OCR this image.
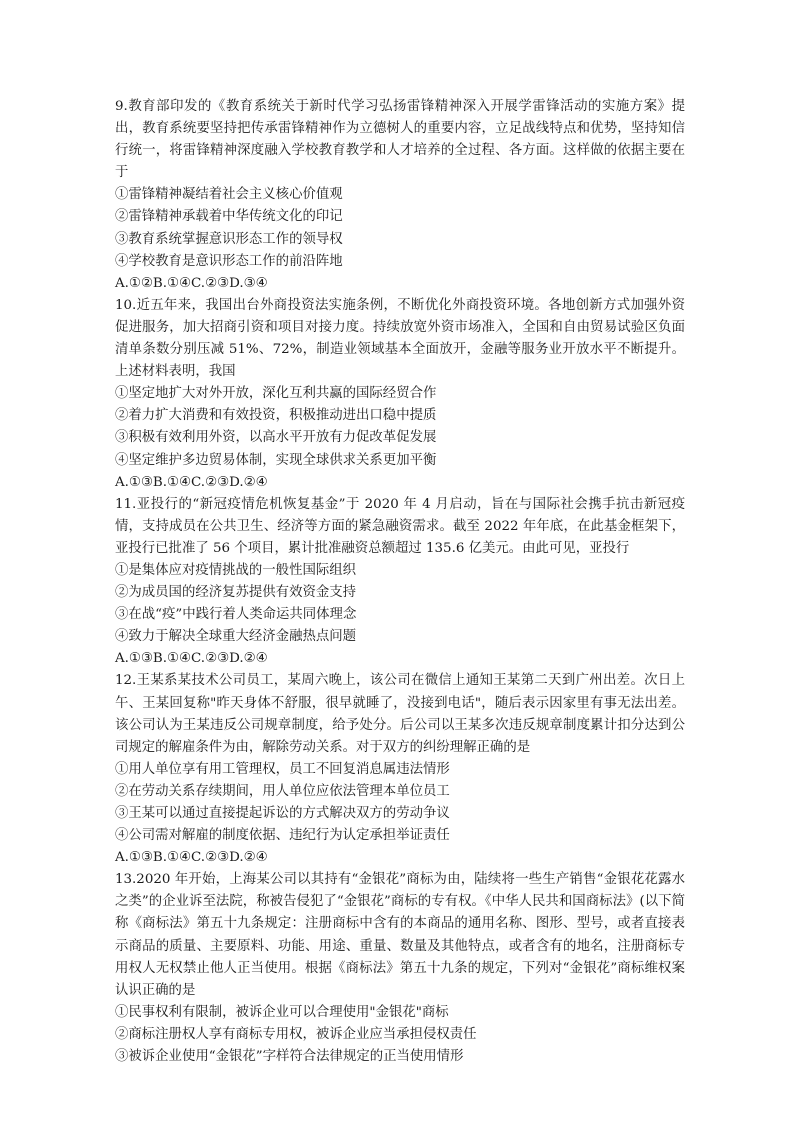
9.教育部印发的《教育系统关于新时代学习弘扬雷锋精神深入开展学雷锋活动的实施方案》提出，教育系统要坚持把传承雷锋精神作为立德树人的重要内容，立足战线特点和优势，坚持知信行统一，将雷锋精神深度融入学校教育教学和人才培养的全过程、各方面。这样做的依据主要在于
①雷锋精神凝结着社会主义核心价值观
②雷锋精神承载着中华传统文化的印记
③教育系统掌握意识形态工作的领导权
④学校教育是意识形态工作的前沿阵地
A.①②B.①④C.②③D.③④
10.近五年来，我国出台外商投资法实施条例，不断优化外商投资环境。各地创新方式加强外资促进服务，加大招商引资和项目对接力度。持续放宽外资市场准入，全国和自由贸易试验区负面清单条数分别压减 51%、72%，制造业领域基本全面放开，金融等服务业开放水平不断提升。上述材料表明，我国
①坚定地扩大对外开放，深化互利共赢的国际经贸合作
②着力扩大消费和有效投资，积极推动进出口稳中提质
③积极有效利用外资，以高水平开放有力促改革促发展
④坚定维护多边贸易体制，实现全球供求关系更加平衡
A.①③B.①④C.②③D.②④
11.亚投行的“新冠疫情危机恢复基金”于 2020 年 4 月启动，旨在与国际社会携手抗击新冠疫情，支持成员在公共卫生、经济等方面的紧急融资需求。截至 2022 年年底，在此基金框架下，亚投行已批准了 56 个项目，累计批准融资总额超过 135.6 亿美元。由此可见，亚投行
①是集体应对疫情挑战的一般性国际组织
②为成员国的经济复苏提供有效资金支持
③在战“疫”中践行着人类命运共同体理念
④致力于解决全球重大经济金融热点问题
A.①③B.①④C.②③D.②④
12.王某系某技术公司员工，某周六晚上，该公司在微信上通知王某第二天到广州出差。次日上午、王某回复称"昨天身体不舒服，很早就睡了，没接到电话"，随后表示因家里有事无法出差。该公司认为王某违反公司规章制度，给予处分。后公司以王某多次违反规章制度累计扣分达到公司规定的解雇条件为由，解除劳动关系。对于双方的纠纷理解正确的是
①用人单位享有用工管理权，员工不回复消息属违法情形
②在劳动关系存续期间，用人单位应依法管理本单位员工
③王某可以通过直接提起诉讼的方式解决双方的劳动争议
④公司需对解雇的制度依据、违纪行为认定承担举证责任
A.①③B.①④C.②③D.②④
13.2020 年开始，上海某公司以其持有“金银花”商标为由，陆续将一些生产销售“金银花花露水之类”的企业诉至法院，称被告侵犯了“金银花”商标的专有权。《中华人民共和国商标法》(以下简称《商标法》第五十九条规定：注册商标中含有的本商品的通用名称、图形、型号，或者直接表示商品的质量、主要原料、功能、用途、重量、数量及其他特点，或者含有的地名，注册商标专用权人无权禁止他人正当使用。根据《商标法》第五十九条的规定，下列对“金银花”商标维权案认识正确的是
①民事权利有限制，被诉企业可以合理使用"金银花"商标
②商标注册权人享有商标专用权，被诉企业应当承担侵权责任
③被诉企业使用“金银花”字样符合法律规定的正当使用情形
